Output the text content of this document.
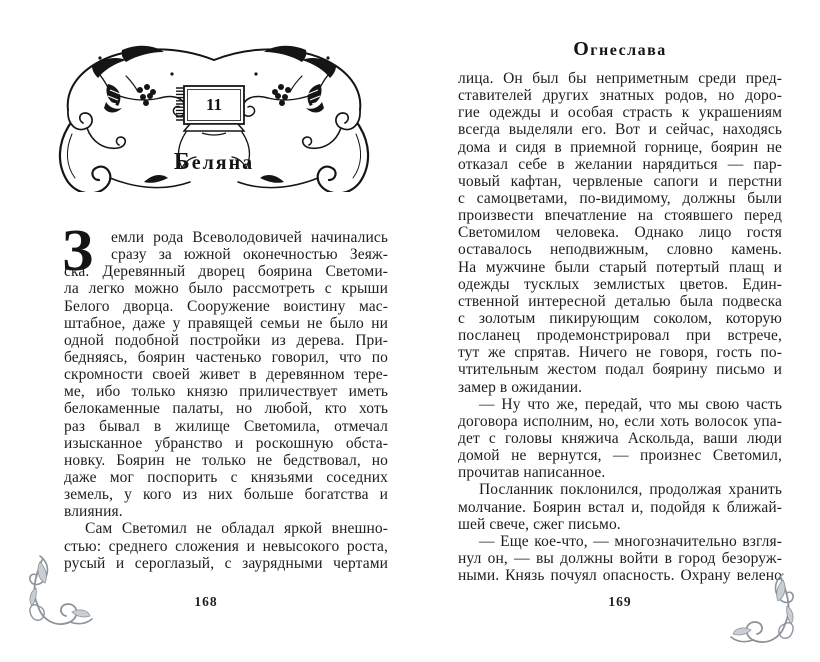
11
Беляна
Огнеслава
З	емли рода Всеволодовичей начинались
сразу за южной оконечностью Зеяж-
ска. Деревянный дворец боярина Светоми-
ла легко можно было рассмотреть с крыши
Белого дворца. Сооружение воистину мас-
штабное, даже у правящей семьи не было ни
одной подобной постройки из дерева. При-
бедняясь, боярин частенько говорил, что по
скромности своей живет в деревянном тере-
ме, ибо только князю приличествует иметь
белокаменные палаты, но любой, кто хоть
раз бывал в жилище Светомила, отмечал
изысканное убранство и роскошную обста-
новку. Боярин не только не бедствовал, но
даже мог поспорить с князьями соседних
земель, у кого из них больше богатства и
влияния.
Сам Светомил не обладал яркой внешно-
стью: среднего сложения и невысокого роста,
русый и сероглазый, с заурядными чертами
лица. Он был бы неприметным среди пред-
ставителей других знатных родов, но доро-
гие одежды и особая страсть к украшениям
всегда выделяли его. Вот и сейчас, находясь
дома и сидя в приемной горнице, боярин не
отказал себе в желании нарядиться — пар-
човый кафтан, червленые сапоги и перстни
с самоцветами, по-видимому, должны были
произвести впечатление на стоявшего перед
Светомилом человека. Однако лицо гостя
оставалось неподвижным, словно камень.
На мужчине были старый потертый плащ и
одежды тусклых землистых цветов. Един-
ственной интересной деталью была подвеска
с золотым пикирующим соколом, которую
посланец продемонстрировал при встрече,
тут же спрятав. Ничего не говоря, гость по-
чтительным жестом подал боярину письмо и
замер в ожидании.
— Ну что же, передай, что мы свою часть
договора исполним, но, если хоть волосок упа-
дет с головы княжича Аскольда, ваши люди
домой не вернутся, — произнес Светомил,
прочитав написанное.
Посланник поклонился, продолжая хранить
молчание. Боярин встал и, подойдя к ближай-
шей свече, сжег письмо.
— Еще кое-что, — многозначительно взгля-
нул он, — вы должны войти в город безоруж-
ными. Князь почуял опасность. Охрану велено
168	169
